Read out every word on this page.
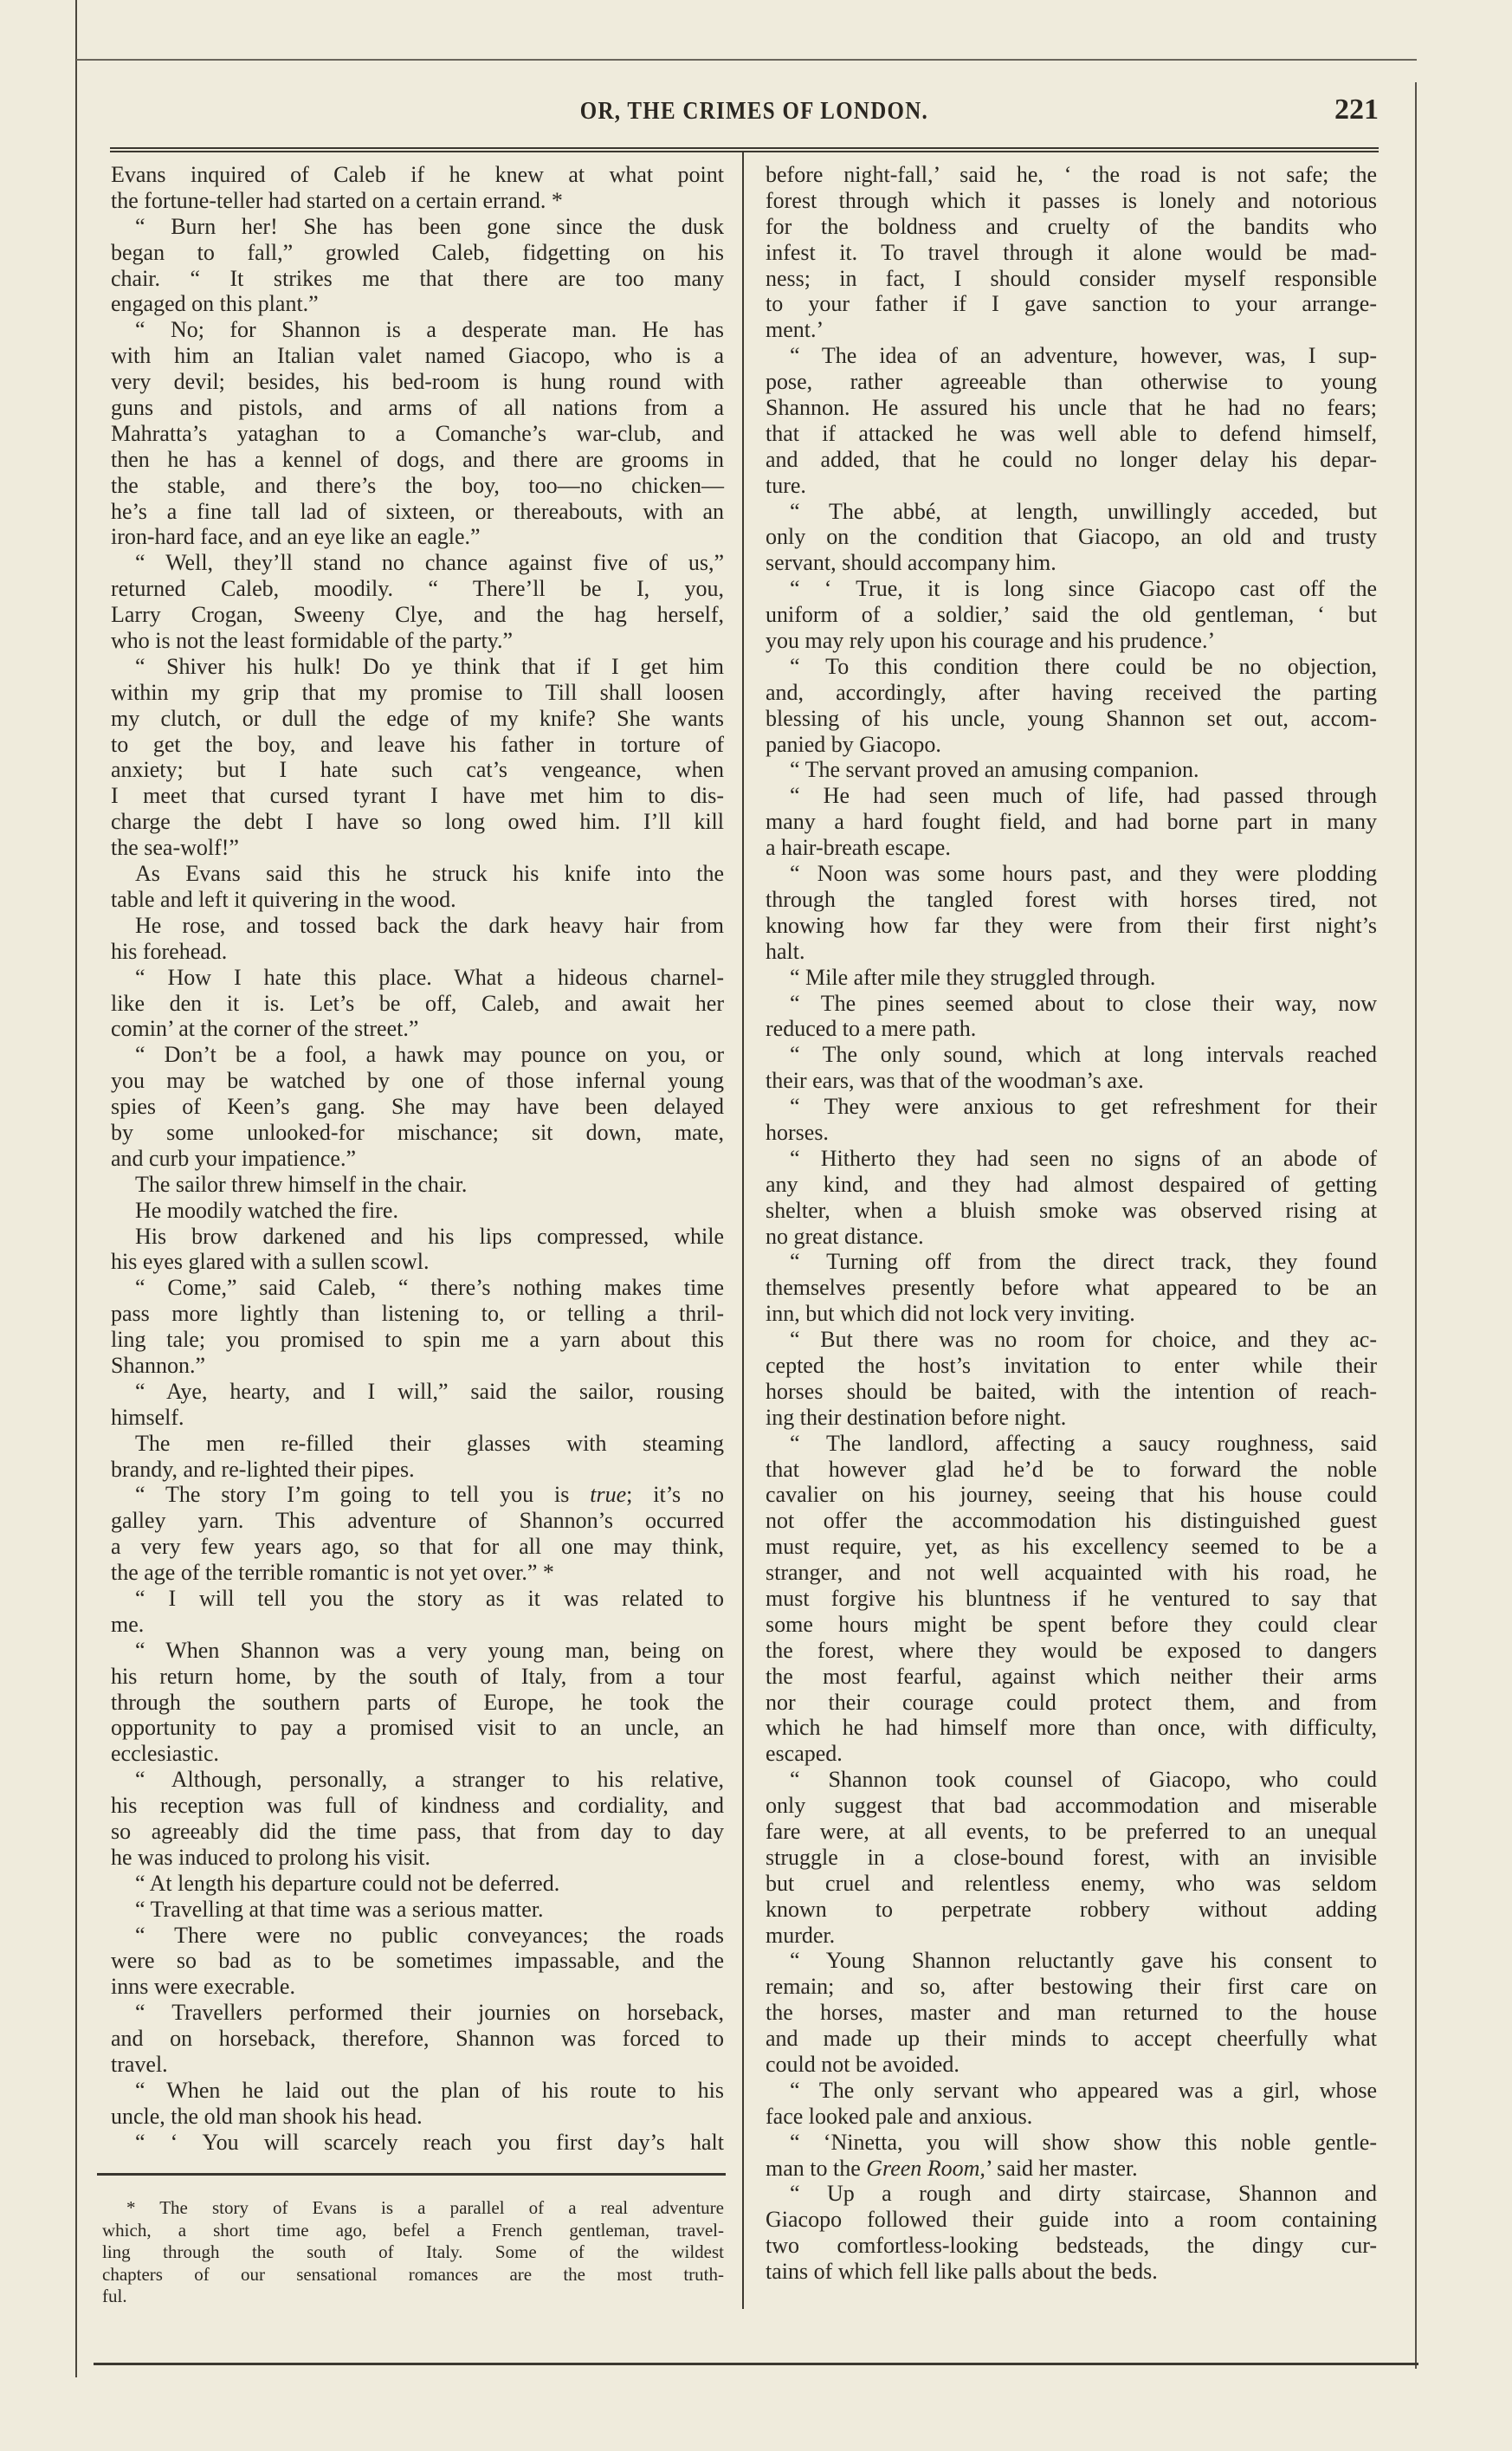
OR, THE CRIMES OF LONDON.	221
Evans inquired of Caleb if he knew at what point
the fortune-teller had started on a certain errand. *
“ Burn her! She has been gone since the dusk
began to fall,” growled Caleb, fidgetting on his
chair. “ It strikes me that there are too many
engaged on this plant.”
“ No; for Shannon is a desperate man. He has
with him an Italian valet named Giacopo, who is a
very devil; besides, his bed-room is hung round with
guns and pistols, and arms of all nations from a
Mahratta’s yataghan to a Comanche’s war-club, and
then he has a kennel of dogs, and there are grooms in
the stable, and there’s the boy, too—no chicken—
he’s a fine tall lad of sixteen, or thereabouts, with an
iron-hard face, and an eye like an eagle.”
“ Well, they’ll stand no chance against five of us,”
returned Caleb, moodily. “ There’ll be I, you,
Larry Crogan, Sweeny Clye, and the hag herself,
who is not the least formidable of the party.”
“ Shiver his hulk! Do ye think that if I get him
within my grip that my promise to Till shall loosen
my clutch, or dull the edge of my knife? She wants
to get the boy, and leave his father in torture of
anxiety; but I hate such cat’s vengeance, when
I meet that cursed tyrant I have met him to dis-
charge the debt I have so long owed him. I’ll kill
the sea-wolf!”
As Evans said this he struck his knife into the
table and left it quivering in the wood.
He rose, and tossed back the dark heavy hair from
his forehead.
“ How I hate this place. What a hideous charnel-
like den it is. Let’s be off, Caleb, and await her
comin’ at the corner of the street.”
“ Don’t be a fool, a hawk may pounce on you, or
you may be watched by one of those infernal young
spies of Keen’s gang. She may have been delayed
by some unlooked-for mischance; sit down, mate,
and curb your impatience.”
The sailor threw himself in the chair.
He moodily watched the fire.
His brow darkened and his lips compressed, while
his eyes glared with a sullen scowl.
“ Come,” said Caleb, “ there’s nothing makes time
pass more lightly than listening to, or telling a thril-
ling tale; you promised to spin me a yarn about this
Shannon.”
“ Aye, hearty, and I will,” said the sailor, rousing
himself.
The men re-filled their glasses with steaming
brandy, and re-lighted their pipes.
“ The story I’m going to tell you is true; it’s no
galley yarn. This adventure of Shannon’s occurred
a very few years ago, so that for all one may think,
the age of the terrible romantic is not yet over.” *
“ I will tell you the story as it was related to
me.
“ When Shannon was a very young man, being on
his return home, by the south of Italy, from a tour
through the southern parts of Europe, he took the
opportunity to pay a promised visit to an uncle, an
ecclesiastic.
“ Although, personally, a stranger to his relative,
his reception was full of kindness and cordiality, and
so agreeably did the time pass, that from day to day
he was induced to prolong his visit.
“ At length his departure could not be deferred.
“ Travelling at that time was a serious matter.
“ There were no public conveyances; the roads
were so bad as to be sometimes impassable, and the
inns were execrable.
“ Travellers performed their journies on horseback,
and on horseback, therefore, Shannon was forced to
travel.
“ When he laid out the plan of his route to his
uncle, the old man shook his head.
“ ‘ You will scarcely reach you first day’s halt
before night-fall,’ said he, ‘ the road is not safe; the
forest through which it passes is lonely and notorious
for the boldness and cruelty of the bandits who
infest it. To travel through it alone would be mad-
ness; in fact, I should consider myself responsible
to your father if I gave sanction to your arrange-
ment.’
“ The idea of an adventure, however, was, I sup-
pose, rather agreeable than otherwise to young
Shannon. He assured his uncle that he had no fears;
that if attacked he was well able to defend himself,
and added, that he could no longer delay his depar-
ture.
“ The abbé, at length, unwillingly acceded, but
only on the condition that Giacopo, an old and trusty
servant, should accompany him.
“ ‘ True, it is long since Giacopo cast off the
uniform of a soldier,’ said the old gentleman, ‘ but
you may rely upon his courage and his prudence.’
“ To this condition there could be no objection,
and, accordingly, after having received the parting
blessing of his uncle, young Shannon set out, accom-
panied by Giacopo.
“ The servant proved an amusing companion.
“ He had seen much of life, had passed through
many a hard fought field, and had borne part in many
a hair-breath escape.
“ Noon was some hours past, and they were plodding
through the tangled forest with horses tired, not
knowing how far they were from their first night’s
halt.
“ Mile after mile they struggled through.
“ The pines seemed about to close their way, now
reduced to a mere path.
“ The only sound, which at long intervals reached
their ears, was that of the woodman’s axe.
“ They were anxious to get refreshment for their
horses.
“ Hitherto they had seen no signs of an abode of
any kind, and they had almost despaired of getting
shelter, when a bluish smoke was observed rising at
no great distance.
“ Turning off from the direct track, they found
themselves presently before what appeared to be an
inn, but which did not lock very inviting.
“ But there was no room for choice, and they ac-
cepted the host’s invitation to enter while their
horses should be baited, with the intention of reach-
ing their destination before night.
“ The landlord, affecting a saucy roughness, said
that however glad he’d be to forward the noble
cavalier on his journey, seeing that his house could
not offer the accommodation his distinguished guest
must require, yet, as his excellency seemed to be a
stranger, and not well acquainted with his road, he
must forgive his bluntness if he ventured to say that
some hours might be spent before they could clear
the forest, where they would be exposed to dangers
the most fearful, against which neither their arms
nor their courage could protect them, and from
which he had himself more than once, with difficulty,
escaped.
“ Shannon took counsel of Giacopo, who could
only suggest that bad accommodation and miserable
fare were, at all events, to be preferred to an unequal
struggle in a close-bound forest, with an invisible
but cruel and relentless enemy, who was seldom
known to perpetrate robbery without adding
murder.
“ Young Shannon reluctantly gave his consent to
remain; and so, after bestowing their first care on
the horses, master and man returned to the house
and made up their minds to accept cheerfully what
could not be avoided.
“ The only servant who appeared was a girl, whose
face looked pale and anxious.
“ ‘Ninetta, you will show show this noble gentle-
man to the Green Room,’ said her master.
“ Up a rough and dirty staircase, Shannon and
Giacopo followed their guide into a room containing
two comfortless-looking bedsteads, the dingy cur-
tains of which fell like palls about the beds.
* The story of Evans is a parallel of a real adventure
which, a short time ago, befel a French gentleman, travel-
ling through the south of Italy. Some of the wildest
chapters of our sensational romances are the most truth-
ful.
